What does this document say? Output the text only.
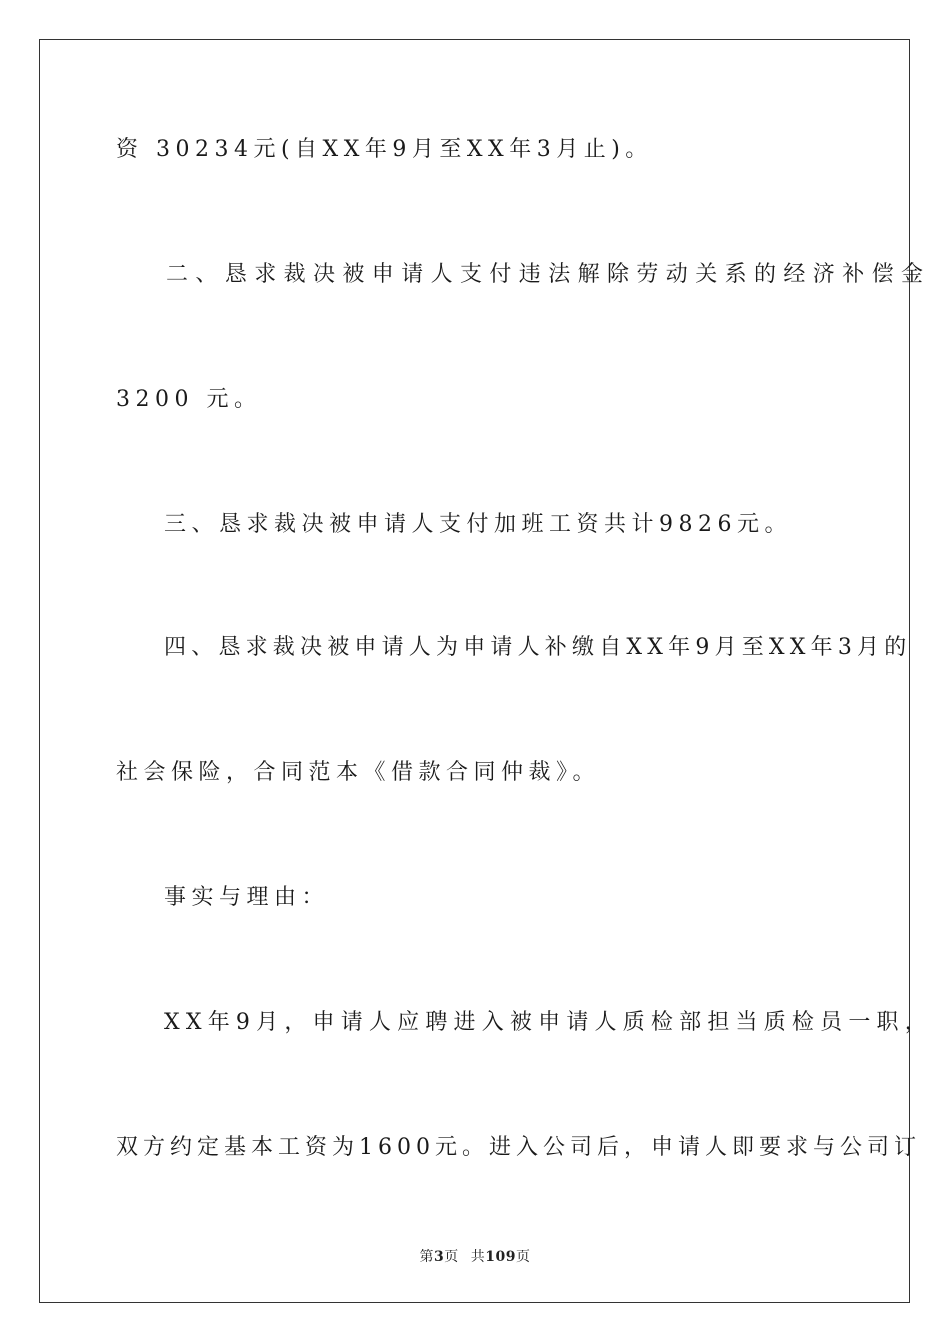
资 30234元(自XX年9月至XX年3月止)。

二、恳求裁决被申请人支付违法解除劳动关系的经济补偿金

3200 元。

三、恳求裁决被申请人支付加班工资共计9826元。

四、恳求裁决被申请人为申请人补缴自XX年9月至XX年3月的

社会保险，合同范本《借款合同仲裁》。

事实与理由：

XX年9月，申请人应聘进入被申请人质检部担当质检员一职，

双方约定基本工资为1600元。进入公司后，申请人即要求与公司订

第3页 共109页
